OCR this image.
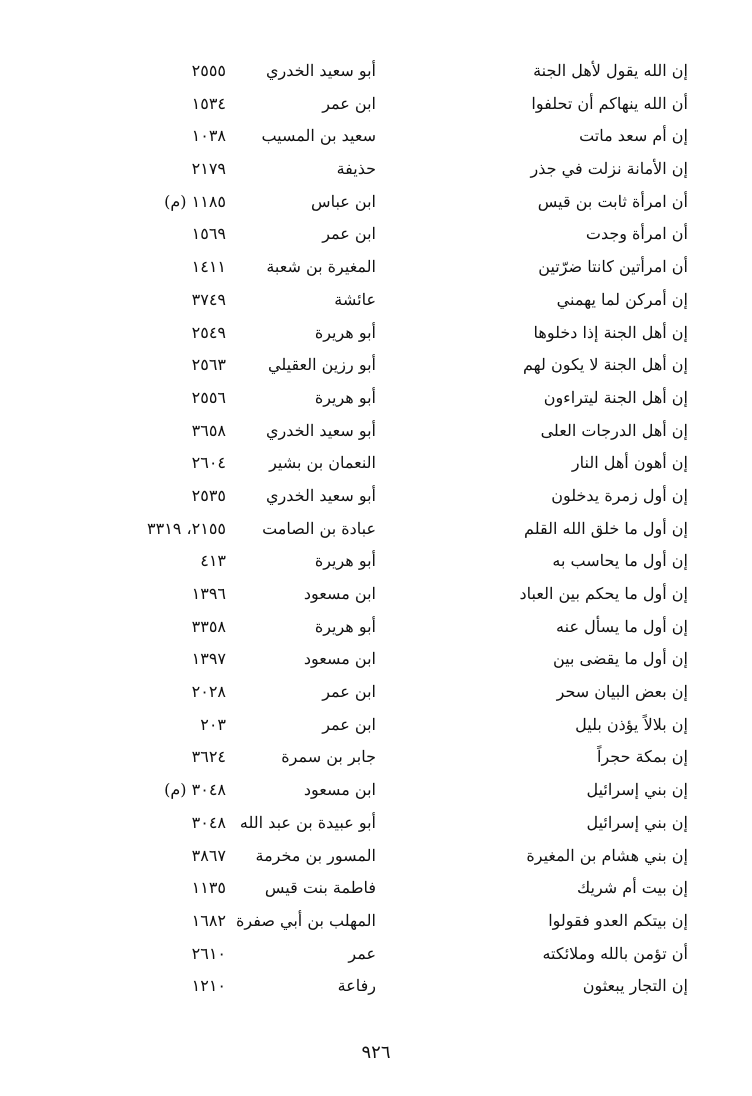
إن الله يقول لأهل الجنة
أبو سعيد الخدري
٢٥٥٥
أن الله ينهاكم أن تحلفوا
ابن عمر
١٥٣٤
إن أم سعد ماتت
سعيد بن المسيب
١٠٣٨
إن الأمانة نزلت في جذر
حذيفة
٢١٧٩
أن امرأة ثابت بن قيس
ابن عباس
١١٨٥ (م)
أن امرأة وجدت
ابن عمر
١٥٦٩
أن امرأتين كانتا ضرّتين
المغيرة بن شعبة
١٤١١
إن أمركن لما يهمني
عائشة
٣٧٤٩
إن أهل الجنة إذا دخلوها
أبو هريرة
٢٥٤٩
إن أهل الجنة لا يكون لهم
أبو رزين العقيلي
٢٥٦٣
إن أهل الجنة ليتراءون
أبو هريرة
٢٥٥٦
إن أهل الدرجات العلى
أبو سعيد الخدري
٣٦٥٨
إن أهون أهل النار
النعمان بن بشير
٢٦٠٤
إن أول زمرة يدخلون
أبو سعيد الخدري
٢٥٣٥
إن أول ما خلق الله القلم
عبادة بن الصامت
٢١٥٥، ٣٣١٩
إن أول ما يحاسب به
أبو هريرة
٤١٣
إن أول ما يحكم بين العباد
ابن مسعود
١٣٩٦
إن أول ما يسأل عنه
أبو هريرة
٣٣٥٨
إن أول ما يقضى بين
ابن مسعود
١٣٩٧
إن بعض البيان سحر
ابن عمر
٢٠٢٨
إن بلالاً يؤذن بليل
ابن عمر
٢٠٣
إن بمكة حجراً
جابر بن سمرة
٣٦٢٤
إن بني إسرائيل
ابن مسعود
٣٠٤٨ (م)
إن بني إسرائيل
أبو عبيدة بن عبد الله
٣٠٤٨
إن بني هشام بن المغيرة
المسور بن مخرمة
٣٨٦٧
إن بيت أم شريك
فاطمة بنت قيس
١١٣٥
إن بيتكم العدو فقولوا
المهلب بن أبي صفرة
١٦٨٢
أن تؤمن بالله وملائكته
عمر
٢٦١٠
إن التجار يبعثون
رفاعة
١٢١٠
٩٢٦
